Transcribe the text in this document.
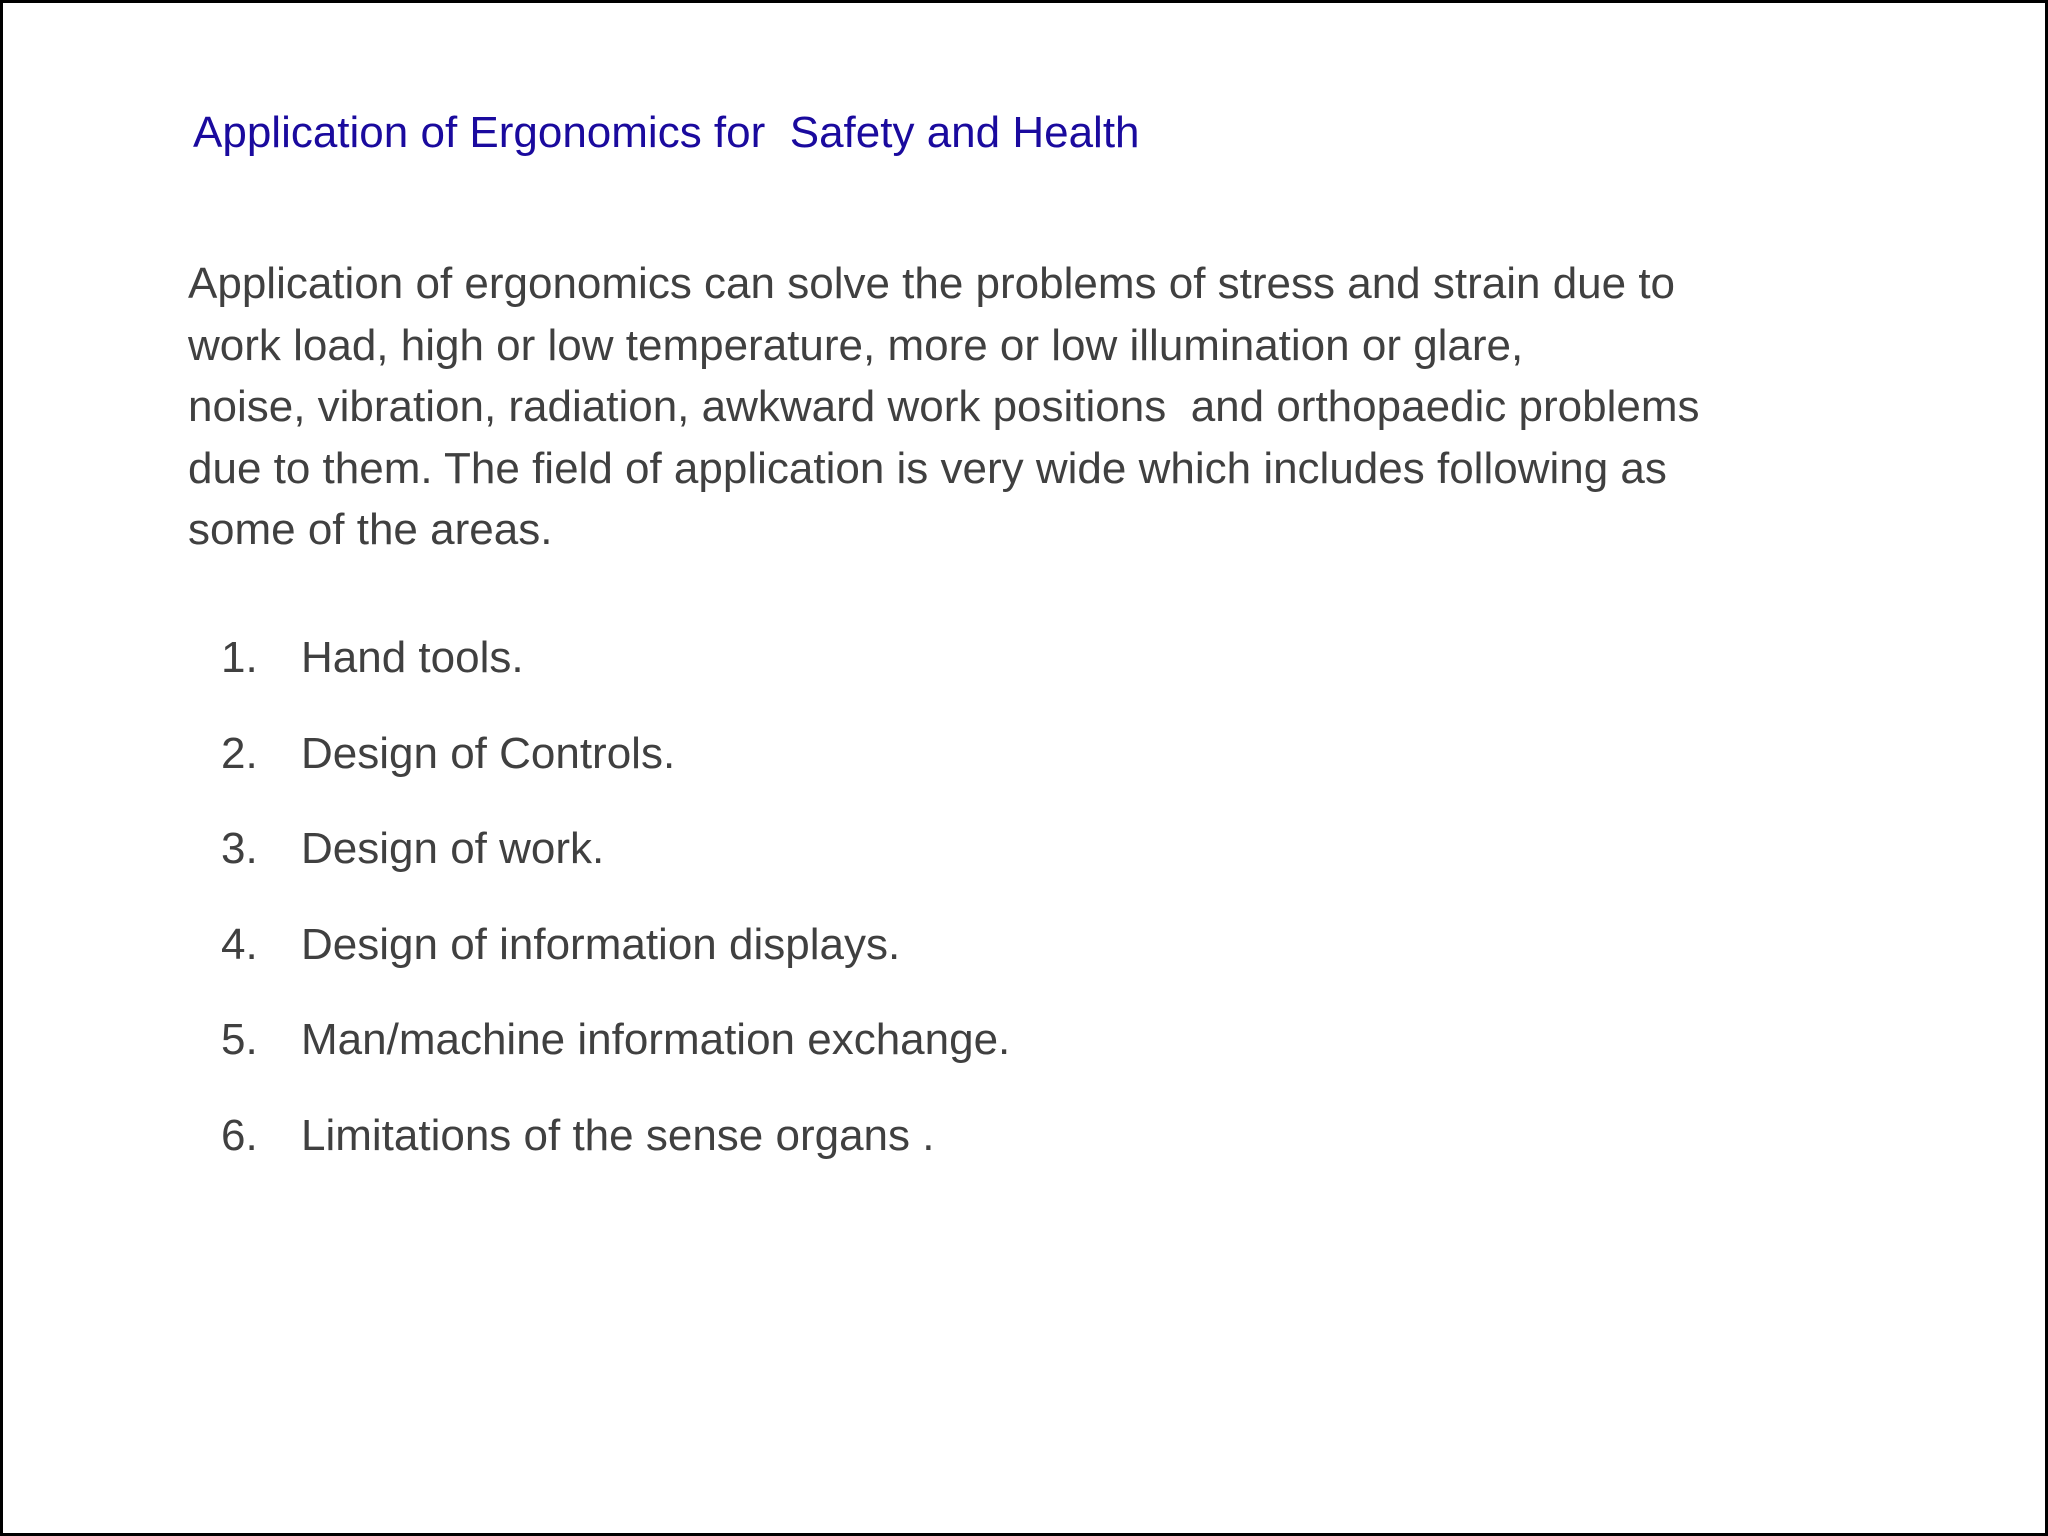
Application of Ergonomics for  Safety and Health

Application of ergonomics can solve the problems of stress and strain due to
work load, high or low temperature, more or low illumination or glare,
noise, vibration, radiation, awkward work positions  and orthopaedic problems
due to them. The field of application is very wide which includes following as
some of the areas.

1. Hand tools.
2. Design of Controls.
3. Design of work.
4. Design of information displays.
5. Man/machine information exchange.
6. Limitations of the sense organs .
